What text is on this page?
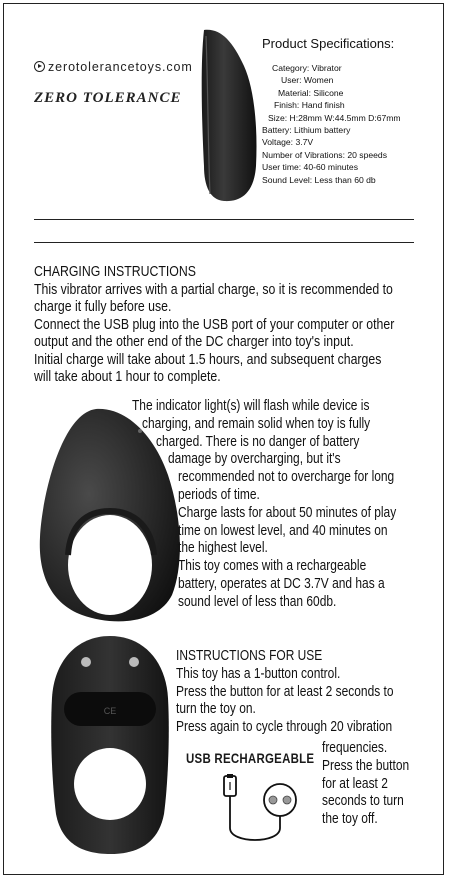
zerotolerancetoys.com
ZERO TOLERANCE
Product Specifications:
Category: Vibrator
User: Women
Material: Silicone
Finish: Hand finish
Size: H:28mm W:44.5mm D:67mm
Battery: Lithium battery
Voltage: 3.7V
Number of Vibrations: 20 speeds
User time: 40-60 minutes
Sound Level: Less than 60 db
CHARGING INSTRUCTIONS
This vibrator arrives with a partial charge, so it is recommended to
charge it fully before use.
Connect the USB plug into the USB port of your computer or other
output and the other end of the DC charger into toy's input.
Initial charge will take about 1.5 hours, and subsequent charges
will take about 1 hour to complete.
The indicator light(s) will flash while device is
charging, and remain solid when toy is fully
charged. There is no danger of battery
damage by overcharging, but it's
recommended not to overcharge for long
periods of time.
Charge lasts for about 50 minutes of play
time on lowest level, and 40 minutes on
the highest level.
This toy comes with a rechargeable
battery, operates at DC 3.7V and has a
sound level of less than 60db.
CE
INSTRUCTIONS FOR USE
This toy has a 1-button control.
Press the button for at least 2 seconds to
turn the toy on.
Press again to cycle through 20 vibration
frequencies.
Press the button
for at least 2
seconds to turn
the toy off.
USB RECHARGEABLE
